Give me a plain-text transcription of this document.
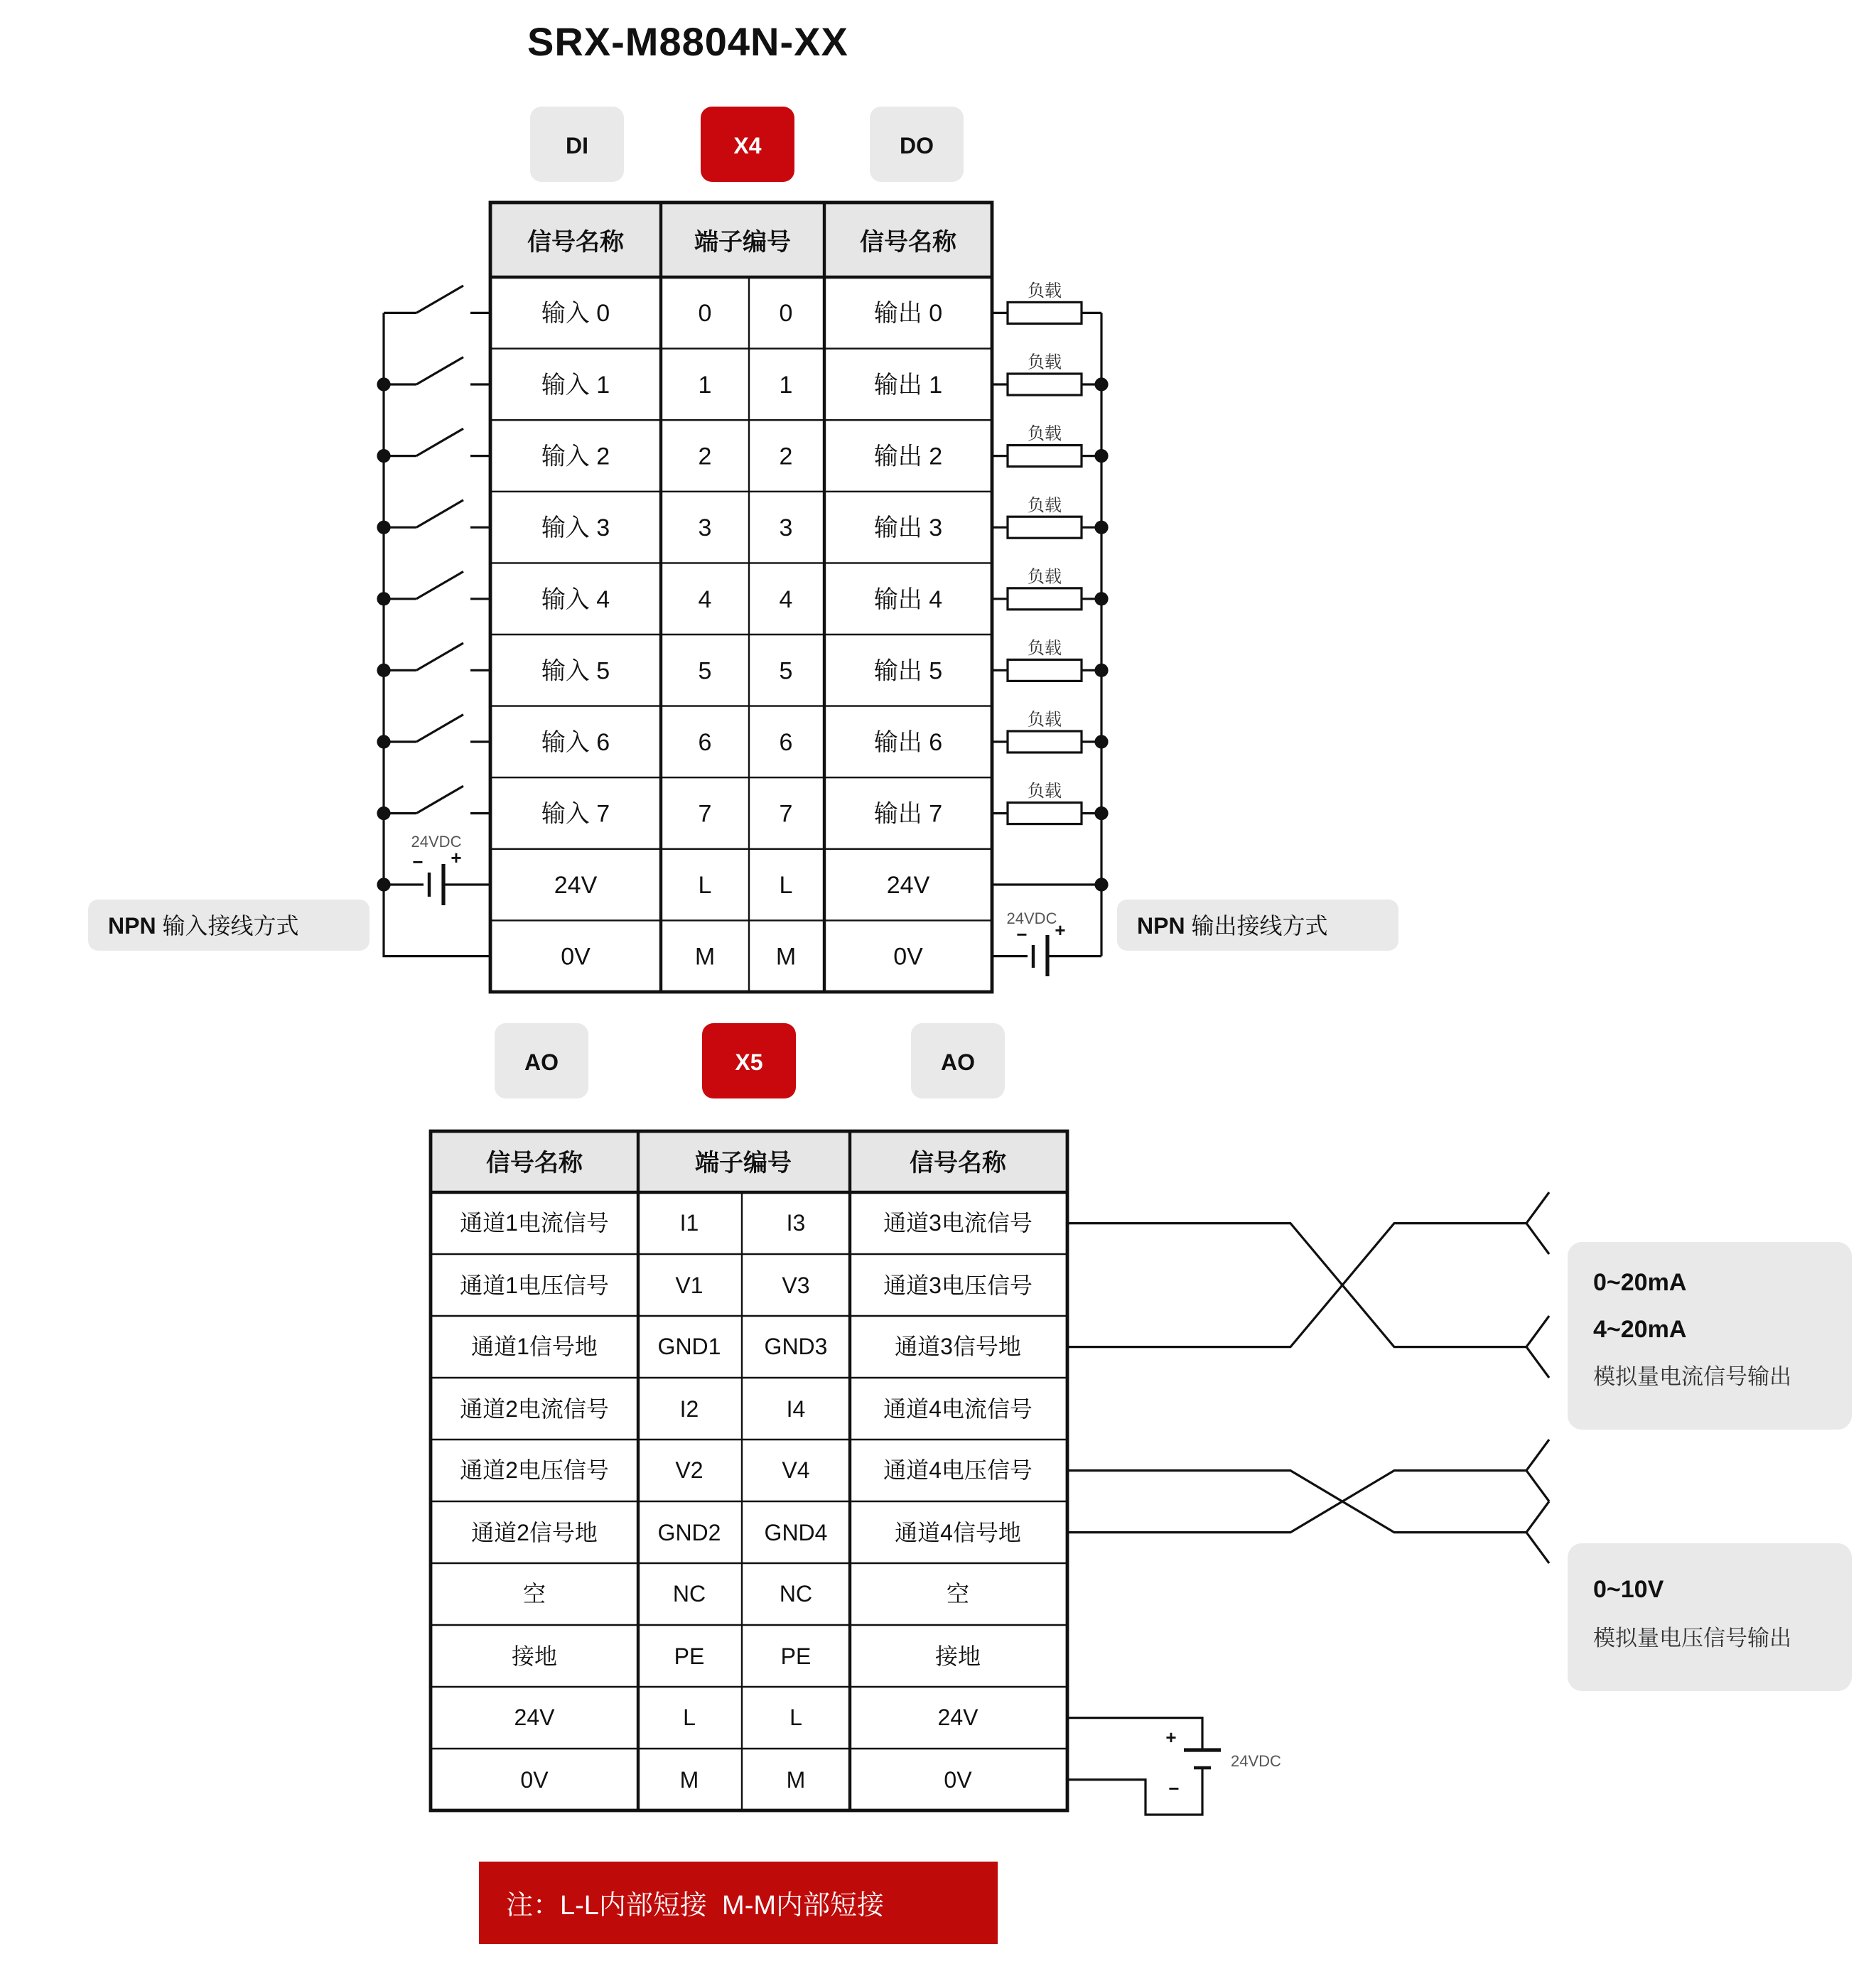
SRX-M8804N-XX
DI	X4	DO
信号名称	端子编号	信号名称
输入 0	0	0	输出 0
输入 1	1	1	输出 1
输入 2	2	2	输出 2
输入 3	3	3	输出 3
输入 4	4	4	输出 4
输入 5	5	5	输出 5
输入 6	6	6	输出 6
输入 7	7	7	输出 7
24V	L	L	24V
0V	M	M	0V
−	+
24VDC
NPN 输入接线方式
负载
负载
负载
负载
负载
负载
负载
负载
−	+
24VDC	NPN 输出接线方式
AO	X5	AO
信号名称	端子编号	信号名称
通道1电流信号	I1	I3	通道3电流信号
通道1电压信号	V1	V3	通道3电压信号
通道1信号地	GND1	GND3	通道3信号地
通道2电流信号	I2	I4	通道4电流信号
通道2电压信号	V2	V4	通道4电压信号
通道2信号地	GND2	GND4	通道4信号地
空	NC	NC	空
接地	PE	PE	接地
24V	L	L	24V
0V	M	M	0V
0~20mA
4~20mA
模拟量电流信号输出
0~10V
模拟量电压信号输出
+
−
24VDC
注：L-L内部短接  M-M内部短接
